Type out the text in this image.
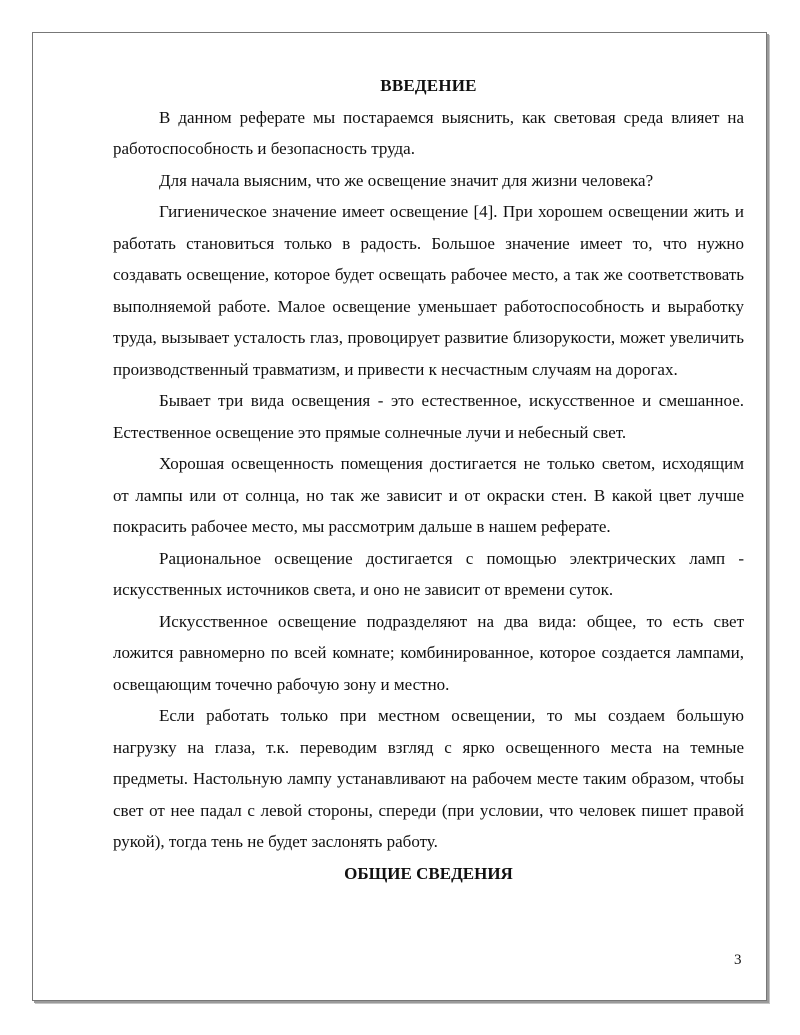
ВВЕДЕНИЕ

В данном реферате мы постараемся выяснить, как световая среда влияет на работоспособность и безопасность труда.

Для начала выясним, что же освещение значит для жизни человека?

Гигиеническое значение имеет освещение [4]. При хорошем освещении жить и работать становиться только в радость. Большое значение имеет то, что нужно создавать освещение, которое будет освещать рабочее место, а так же соответствовать выполняемой работе. Малое освещение уменьшает работоспособность и выработку труда, вызывает усталость глаз, провоцирует развитие близорукости, может увеличить производственный травматизм, и привести к несчастным случаям на дорогах.

Бывает три вида освещения - это естественное, искусственное и смешанное. Естественное освещение это прямые солнечные лучи и небесный свет.

Хорошая освещенность помещения достигается не только светом, исходящим от лампы или от солнца, но так же зависит и от окраски стен. В какой цвет лучше покрасить рабочее место, мы рассмотрим дальше в нашем реферате.

Рациональное освещение достигается с помощью электрических ламп - искусственных источников света, и оно не зависит от времени суток.

Искусственное освещение подразделяют на два вида: общее, то есть свет ложится равномерно по всей комнате; комбинированное, которое создается лампами, освещающим точечно рабочую зону и местно.

Если работать только при местном освещении, то мы создаем большую нагрузку на глаза, т.к. переводим взгляд с ярко освещенного места на темные предметы. Настольную лампу устанавливают на рабочем месте таким образом, чтобы свет от нее падал с левой стороны, спереди (при условии, что человек пишет правой рукой), тогда тень не будет заслонять работу.

ОБЩИЕ СВЕДЕНИЯ
3
